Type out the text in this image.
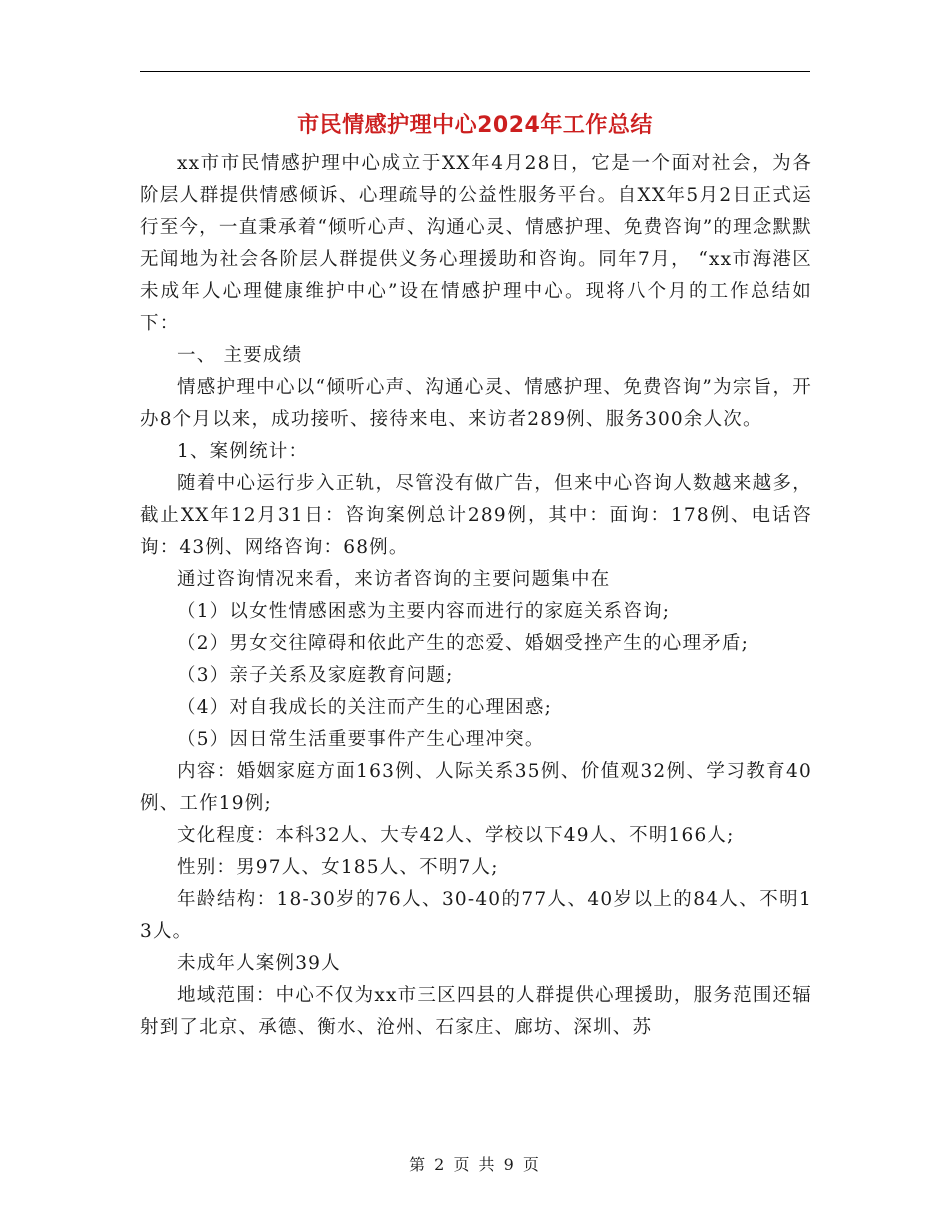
市民情感护理中心2024年工作总结

xx市市民情感护理中心成立于XX年4月28日，它是一个面对社会，为各阶层人群提供情感倾诉、心理疏导的公益性服务平台。自XX年5月2日正式运行至今，一直秉承着“倾听心声、沟通心灵、情感护理、免费咨询”的理念默默无闻地为社会各阶层人群提供义务心理援助和咨询。同年7月， “xx市海港区未成年人心理健康维护中心”设在情感护理中心。现将八个月的工作总结如下：

一、 主要成绩

情感护理中心以“倾听心声、沟通心灵、情感护理、免费咨询”为宗旨，开办8个月以来，成功接听、接待来电、来访者289例、服务300余人次。

1、案例统计：

随着中心运行步入正轨，尽管没有做广告，但来中心咨询人数越来越多，截止XX年12月31日：咨询案例总计289例，其中：面询：178例、电话咨询：43例、网络咨询：68例。

通过咨询情况来看，来访者咨询的主要问题集中在

（1）以女性情感困惑为主要内容而进行的家庭关系咨询;

（2）男女交往障碍和依此产生的恋爱、婚姻受挫产生的心理矛盾;

（3）亲子关系及家庭教育问题;

（4）对自我成长的关注而产生的心理困惑;

（5）因日常生活重要事件产生心理冲突。

内容：婚姻家庭方面163例、人际关系35例、价值观32例、学习教育40例、工作19例;

文化程度：本科32人、大专42人、学校以下49人、不明166人;

性别：男97人、女185人、不明7人;

年龄结构：18-30岁的76人、30-40的77人、40岁以上的84人、不明13人。

未成年人案例39人

地域范围：中心不仅为xx市三区四县的人群提供心理援助，服务范围还辐射到了北京、承德、衡水、沧州、石家庄、廊坊、深圳、苏

第 2 页 共 9 页
